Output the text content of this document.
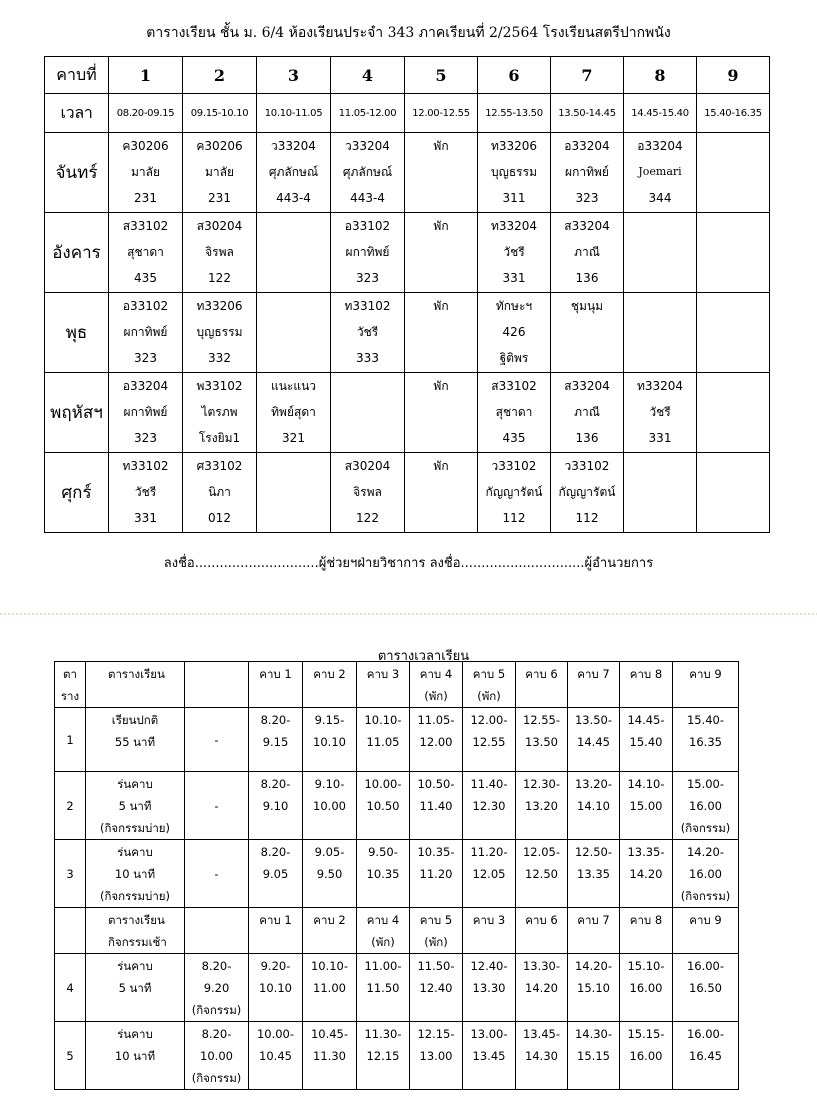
ตารางเรียน ชั้น ม. 6/4 ห้องเรียนประจำ 343 ภาคเรียนที่ 2/2564 โรงเรียนสตรีปากพนัง
คาบที่	1	2	3	4	5	6	7	8	9
เวลา	08.20-09.15	09.15-10.10	10.10-11.05	11.05-12.00	12.00-12.55	12.55-13.50	13.50-14.45	14.45-15.40	15.40-16.35
จันทร์	ค30206
มาลัย
231	ค30206
มาลัย
231	ว33204
ศุภลักษณ์
443-4	ว33204
ศุภลักษณ์
443-4	พัก	ท33206
บุญธรรม
311	อ33204
ผกาทิพย์
323	อ33204
Joemari
344	

อังคาร	ส33102
สุชาดา
435	ส30204
จิรพล
122		อ33102
ผกาทิพย์
323	พัก	ท33204
วัชรี
331	ส33204
ภาณี
136		

พุธ	อ33102
ผกาทิพย์
323	ท33206
บุญธรรม
332		ท33102
วัชรี
333	พัก	ทักษะฯ
426
ฐิติพร	ชุมนุม		

พฤหัสฯ	อ33204
ผกาทิพย์
323	พ33102
ไตรภพ
โรงยิม1	แนะแนว
ทิพย์สุดา
321		พัก	ส33102
สุชาดา
435	ส33204
ภาณี
136	ท33204
วัชรี
331	

ศุกร์	ท33102
วัชรี
331	ศ33102
นิภา
012		ส30204
จิรพล
122	พัก	ว33102
กัญญารัตน์
112	ว33102
กัญญารัตน์
112		

ลงชื่อ..............................ผู้ช่วยฯฝ่ายวิชาการ ลงชื่อ..............................ผู้อำนวยการ
ตารางเวลาเรียน
ตา
ราง	ตารางเรียน		คาบ 1	คาบ 2	คาบ 3	คาบ 4
(พัก)	คาบ 5
(พัก)	คาบ 6	คาบ 7	คาบ 8	คาบ 9

1	เรียนปกติ
55 นาที	-	8.20-
9.15	9.15-
10.10	10.10-
11.05	11.05-
12.00	12.00-
12.55	12.55-
13.50	13.50-
14.45	14.45-
15.40	15.40-
16.35

2	ร่นคาบ
5 นาที
(กิจกรรมบ่าย)	-	8.20-
9.10	9.10-
10.00	10.00-
10.50	10.50-
11.40	11.40-
12.30	12.30-
13.20	13.20-
14.10	14.10-
15.00	15.00-
16.00
(กิจกรรม)

3	ร่นคาบ
10 นาที
(กิจกรรมบ่าย)	-	8.20-
9.05	9.05-
9.50	9.50-
10.35	10.35-
11.20	11.20-
12.05	12.05-
12.50	12.50-
13.35	13.35-
14.20	14.20-
16.00
(กิจกรรม)

	ตารางเรียน
กิจกรรมเช้า		คาบ 1	คาบ 2	คาบ 4
(พัก)	คาบ 5
(พัก)	คาบ 3	คาบ 6	คาบ 7	คาบ 8	คาบ 9

4	ร่นคาบ
5 นาที	8.20-
9.20
(กิจกรรม)	9.20-
10.10	10.10-
11.00	11.00-
11.50	11.50-
12.40	12.40-
13.30	13.30-
14.20	14.20-
15.10	15.10-
16.00	16.00-
16.50

5	ร่นคาบ
10 นาที	8.20-
10.00
(กิจกรรม)	10.00-
10.45	10.45-
11.30	11.30-
12.15	12.15-
13.00	13.00-
13.45	13.45-
14.30	14.30-
15.15	15.15-
16.00	16.00-
16.45
